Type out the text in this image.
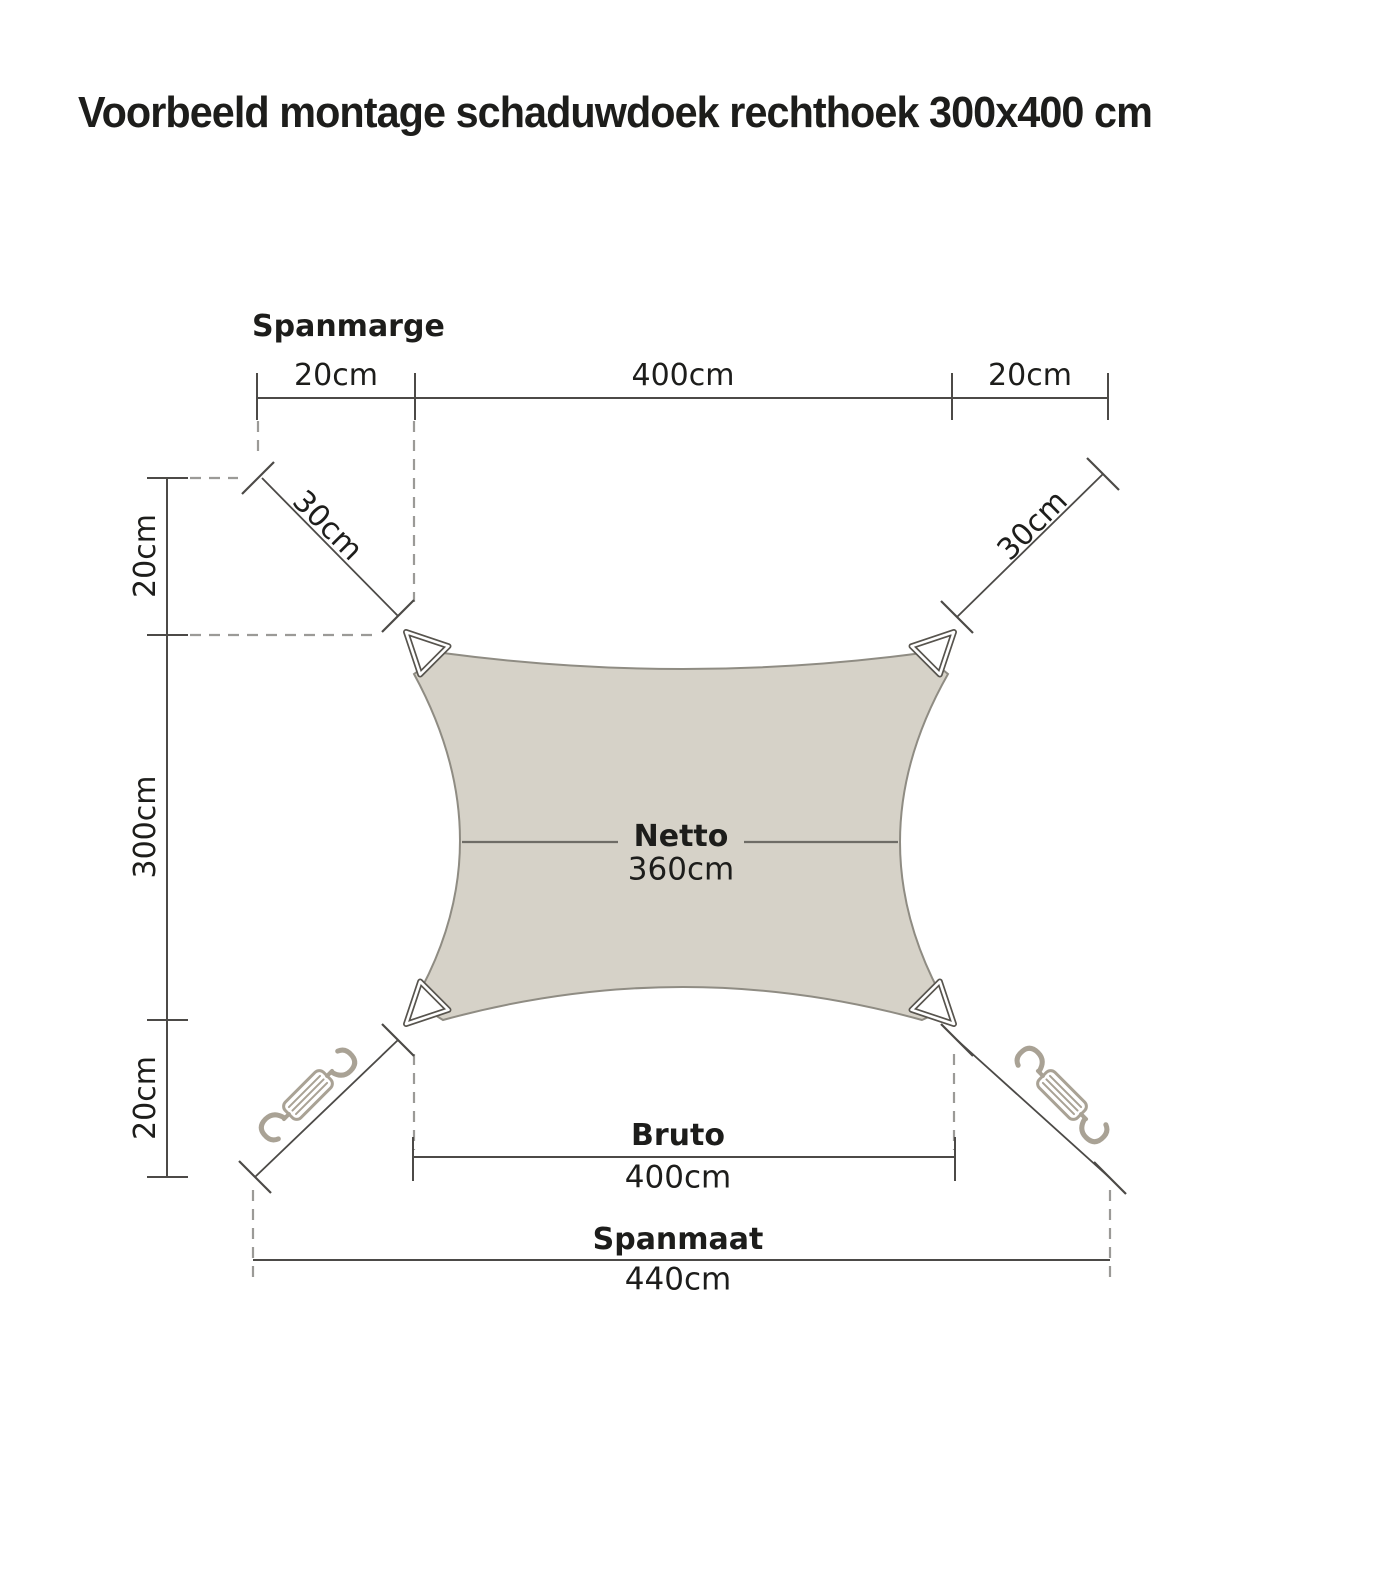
Voorbeeld montage schaduwdoek rechthoek 300x400 cm
Spanmarge
20cm	400cm	20cm
20cm
300cm
20cm
30cm	30cm
Netto
360cm
Bruto
400cm
Spanmaat
440cm
